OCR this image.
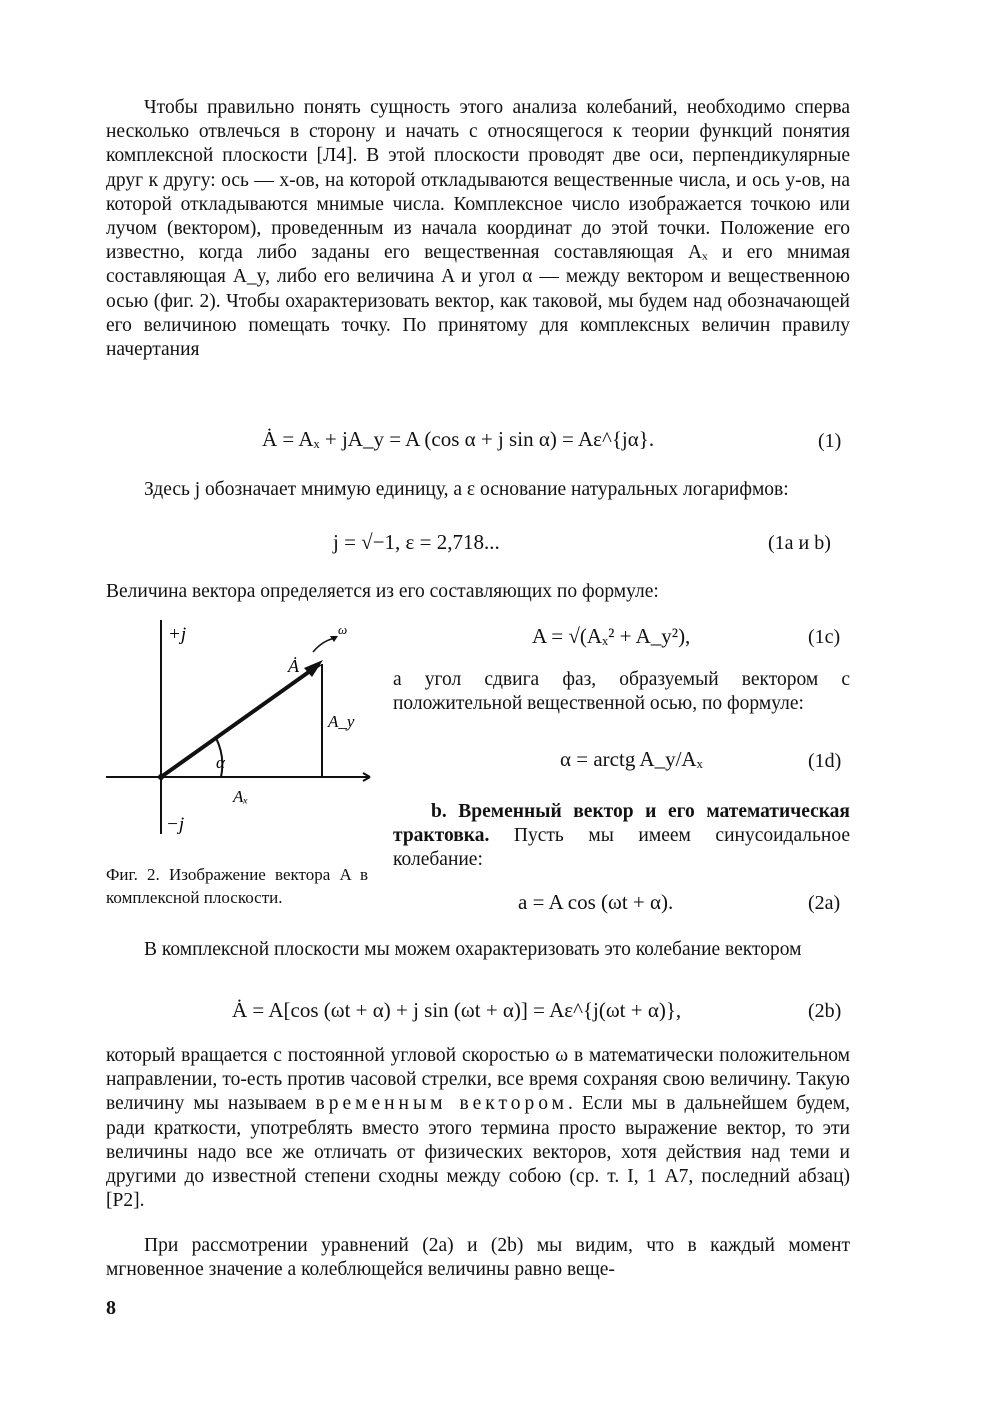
Чтобы правильно понять сущность этого анализа колебаний, необходимо сперва несколько отвлечься в сторону и начать с относящегося к теории функций понятия комплексной плоскости [Л4]. В этой плоскости проводят две оси, перпендикулярные друг к другу: ось — x-ов, на которой откладываются вещественные числа, и ось y-ов, на которой откладываются мнимые числа. Комплексное число изображается точкою или лучом (вектором), проведенным из начала координат до этой точки. Положение его известно, когда либо заданы его вещественная составляющая Aₓ и его мнимая составляющая A_y, либо его величина A и угол α — между вектором и вещественною осью (фиг. 2). Чтобы охарактеризовать вектор, как таковой, мы будем над обозначающей его величиною помещать точку. По принятому для комплексных величин правилу начертания

Ȧ = Aₓ + jA_y = A (cos α + j sin α) = Aε^{jα}.	(1)

Здесь j обозначает мнимую единицу, а ε основание натуральных логарифмов:

j = √−1, ε = 2,718...	(1a и b)

Величина вектора определяется из его составляющих по формуле:

+j
−j
Ȧ
A_y
Aₓ
α
ω

Фиг. 2. Изображение вектора A в комплексной плоскости.

A = √(Aₓ² + A_y²),	(1c)

а угол сдвига фаз, образуемый вектором с положительной вещественной осью, по формуле:

α = arctg A_y/Aₓ	(1d)

b. Временный вектор и его математическая трактовка. Пусть мы имеем синусоидальное колебание:

a = A cos (ωt + α).	(2a)

В комплексной плоскости мы можем охарактеризовать это колебание вектором

Ȧ = A[cos (ωt + α) + j sin (ωt + α)] = Aε^{j(ωt + α)},	(2b)

который вращается с постоянной угловой скоростью ω в математически положительном направлении, то-есть против часовой стрелки, все время сохраняя свою величину. Такую величину мы называем временным вектором. Если мы в дальнейшем будем, ради краткости, употреблять вместо этого термина просто выражение вектор, то эти величины надо все же отличать от физических векторов, хотя действия над теми и другими до известной степени сходны между собою (ср. т. I, 1 А7, последний абзац) [Р2].

При рассмотрении уравнений (2a) и (2b) мы видим, что в каждый момент мгновенное значение a колеблющейся величины равно веще-

8
